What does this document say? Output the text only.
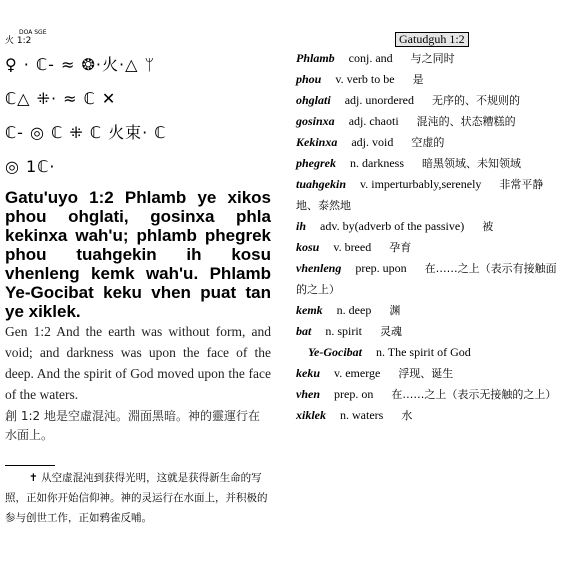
DOA SGE
火 1:2
♀ · ℂ- ≈ ❂·火·△ ᛘ
ℂ△ ⁜· ≈ ℂ ✕
ℂ- ◎ ℂ ⁜ ℂ 火束· ℂ
◎ 1ℂ·
Gatu'uyo 1:2 Phlamb ye xikos phou ohglati, gosinxa phla kekinxa wah'u; phlamb phegrek phou tuahgekin ih kosu vhenleng kemk wah'u. Phlamb Ye-Gocibat keku vhen puat tan ye xiklek.
Gen 1:2 And the earth was without form, and void; and darkness was upon the face of the deep. And the spirit of God moved upon the face of the waters.
創 1:2 地是空虛混沌。淵面黑暗。神的靈運行在水面上。
✝ 从空虚混沌到获得光明，这就是获得新生命的写照，正如你开始信仰神。神的灵运行在水面上，并积极的参与创世工作，正如鸦雀反哺。
Gatudguh 1:2
Phlamb conj. and 与之同时
phou v. verb to be 是
ohglati adj. unordered 无序的、不规则的
gosinxa adj. chaoti 混沌的、状态糟糕的
Kekinxa adj. void 空虚的
phegrek n. darkness 暗黑领域、未知领域
tuahgekin v. imperturbably,serenely 非常平静地、泰然地
ih adv. by(adverb of the passive) 被
kosu v. breed 孕育
vhenleng prep. upon 在……之上（表示有接触面的之上）
kemk n. deep 渊
bat n. spirit 灵魂
Ye-Gocibat n. The spirit of God
keku v. emerge 浮现、诞生
vhen prep. on 在……之上（表示无接触的之上）
xiklek n. waters 水
